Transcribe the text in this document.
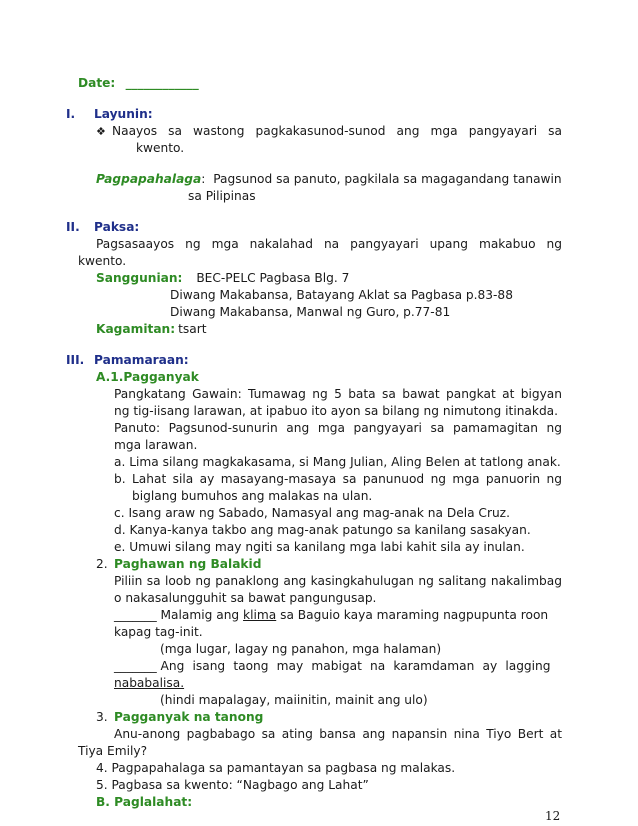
Date: ____________
I. Layunin:
❖ Naayos sa wastong pagkakasunod-sunod ang mga pangyayari sa
kwento.
Pagpapahalaga: Pagsunod sa panuto, pagkilala sa magagandang tanawin
sa Pilipinas
II. Paksa:
Pagsasaayos ng mga nakalahad na pangyayari upang makabuo ng
kwento.
Sanggunian: BEC-PELC Pagbasa Blg. 7
Diwang Makabansa, Batayang Aklat sa Pagbasa p.83-88
Diwang Makabansa, Manwal ng Guro, p.77-81
Kagamitan: tsart
III. Pamamaraan:
A.1.Pagganyak
Pangkatang Gawain: Tumawag ng 5 bata sa bawat pangkat at bigyan
ng tig-iisang larawan, at ipabuo ito ayon sa bilang ng nimutong itinakda.
Panuto: Pagsunod-sunurin ang mga pangyayari sa pamamagitan ng
mga larawan.
a. Lima silang magkakasama, si Mang Julian, Aling Belen at tatlong anak.
b. Lahat sila ay masayang-masaya sa panunuod ng mga panuorin ng
biglang bumuhos ang malakas na ulan.
c. Isang araw ng Sabado, Namasyal ang mag-anak na Dela Cruz.
d. Kanya-kanya takbo ang mag-anak patungo sa kanilang sasakyan.
e. Umuwi silang may ngiti sa kanilang mga labi kahit sila ay inulan.
2. Paghawan ng Balakid
Piliin sa loob ng panaklong ang kasingkahulugan ng salitang nakalimbag
o nakasalungguhit sa bawat pangungusap.
_______ Malamig ang klima sa Baguio kaya maraming nagpupunta roon
kapag tag-init.
(mga lugar, lagay ng panahon, mga halaman)
_______ Ang isang taong may mabigat na karamdaman ay lagging
nababalisa.
(hindi mapalagay, maiinitin, mainit ang ulo)
3. Pagganyak na tanong
Anu-anong pagbabago sa ating bansa ang napansin nina Tiyo Bert at
Tiya Emily?
4. Pagpapahalaga sa pamantayan sa pagbasa ng malakas.
5. Pagbasa sa kwento: “Nagbago ang Lahat”
B. Paglalahat:
12
